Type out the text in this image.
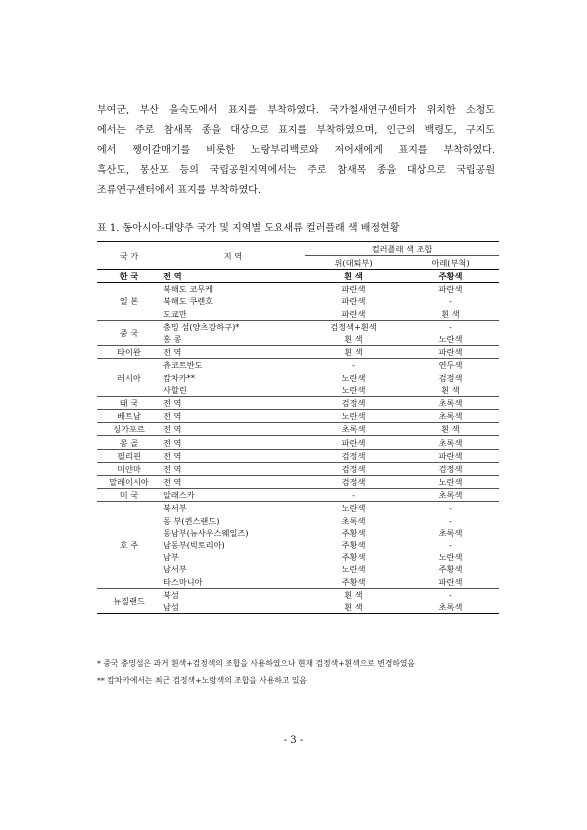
부여군, 부산 을숙도에서 표지를 부착하였다. 국가철새연구센터가 위치한 소청도
에서는 주로 참새목 종을 대상으로 표지를 부착하였으며, 인근의 백령도, 구지도
에서 쨍이갈매기를 비롯한 노랑부리백로와 저어새에게 표지를 부착하였다.
흑산도, 몽산포 등의 국립공원지역에서는 주로 참새목 종을 대상으로 국립공원
조류연구센터에서 표지를 부착하였다.
표 1. 동아시아-대양주 국가 및 지역별 도요새류 컬러플래 색 배정현황
국 가	지 역	컬러플래 색 조합	
		위(대퇴부)	아래(부척)
한 국	전 역	흰 색	주황색
일 본	북해도 코무케	파란색	파란색
	북해도 쿠렌호	파란색	-
	도쿄만	파란색	흰 색
중 국	충밍 섬(양츠강하구)*	검정색+흰색	-
	홍 콩	흰 색	노란색
타이완	전 역	흰 색	파란색
러시아	츄코트반도	-	연두색
	캄차카**	노란색	검정색
	사할린	노란색	흰 색
태 국	전 역	검정색	초록색
베트남	전 역	노란색	초록색
싱가포르	전 역	초록색	흰 색
몽 골	전 역	파란색	초록색
필리핀	전 역	검정색	파란색
미얀마	전 역	검정색	검정색
말레이시아	전 역	검정색	노란색
미 국	알래스카	-	초록색
호 주	북서부	노란색	-
	동 부(퀸스랜드)	초록색	-
	동남부(뉴사우스웨일즈)	주황색	초록색
	남동부(빅토리아)	주황색	-
	남부	주황색	노란색
	남서부	노란색	주황색
	타스마니아	주황색	파란색
뉴질랜드	북섬	흰 색	-
	남섬	흰 색	초록색
* 중국 충밍섬은 과거 흰색+검정색의 조합을 사용하였으나 현재 검정색+흰색으로 변경하였음
** 캄차카에서는 최근 검정색+노랑색의 조합을 사용하고 있음
- 3 -
